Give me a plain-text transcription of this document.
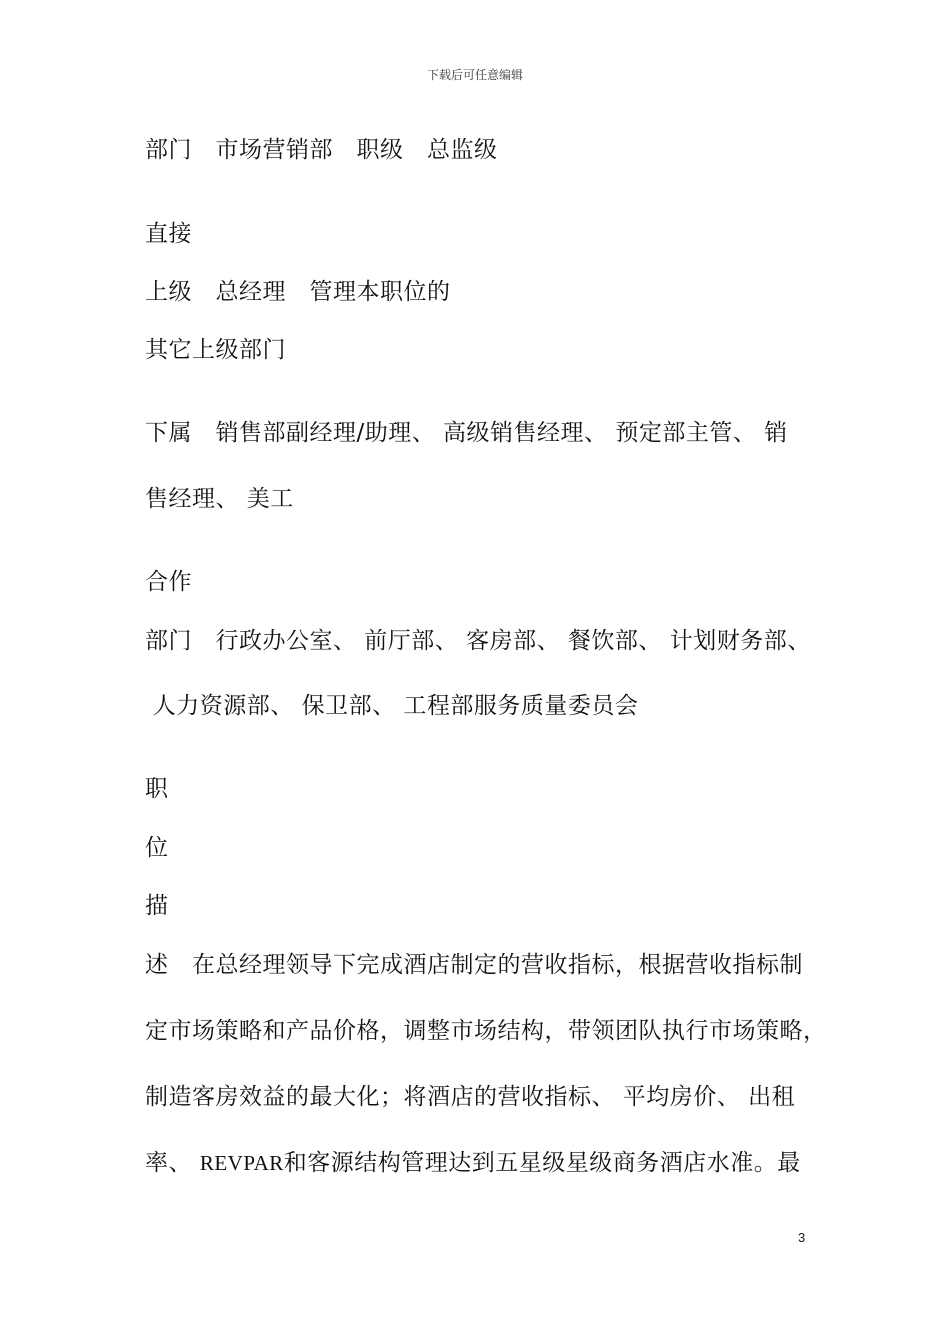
下载后可任意编辑
部门　市场营销部　职级　总监级
直接
上级　总经理　管理本职位的
其它上级部门
下属　销售部副经理/助理、 高级销售经理、 预定部主管、 销
售经理、 美工
合作
部门　行政办公室、 前厅部、 客房部、 餐饮部、 计划财务部、
人力资源部、 保卫部、 工程部服务质量委员会
职
位
描
述　在总经理领导下完成酒店制定的营收指标，根据营收指标制
定市场策略和产品价格，调整市场结构，带领团队执行市场策略，
制造客房效益的最大化；将酒店的营收指标、 平均房价、 出租
率、 REVPAR和客源结构管理达到五星级星级商务酒店水准。最
3
